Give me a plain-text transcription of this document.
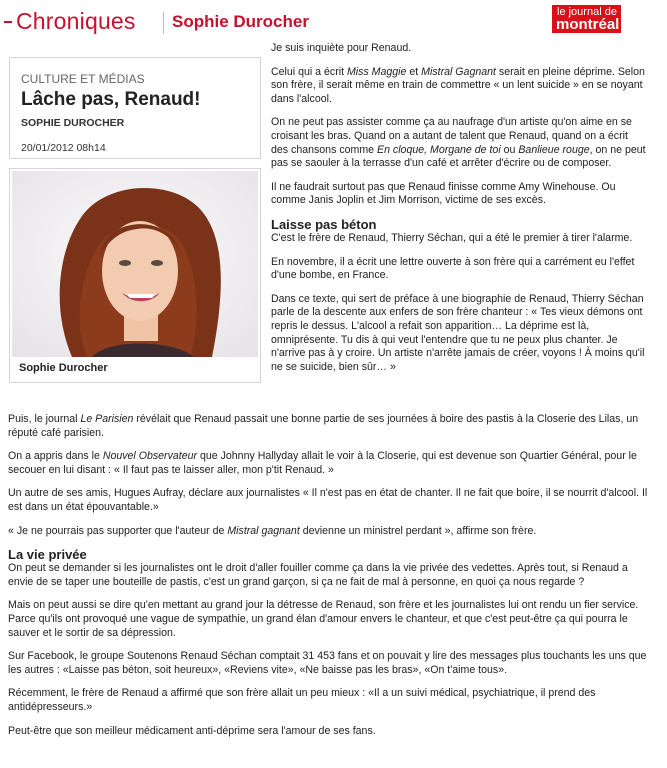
Chroniques Sophie Durocher	le journal de
montréal
CULTURE ET MÉDIAS
Lâche pas, Renaud!
SOPHIE DUROCHER
20/01/2012 08h14
Sophie Durocher

Je suis inquiète pour Renaud.

Celui qui a écrit Miss Maggie et Mistral Gagnant serait en pleine déprime. Selon son frère, il serait même en train de commettre « un lent suicide » en se noyant dans l'alcool.

On ne peut pas assister comme ça au naufrage d'un artiste qu'on aime en se croisant les bras. Quand on a autant de talent que Renaud, quand on a écrit des chansons comme En cloque, Morgane de toi ou Banlieue rouge, on ne peut pas se saouler à la terrasse d'un café et arrêter d'écrire ou de composer.

Il ne faudrait surtout pas que Renaud finisse comme Amy Winehouse. Ou comme Janis Joplin et Jim Morrison, victime de ses excès.

Laisse pas béton

C'est le frère de Renaud, Thierry Séchan, qui a été le premier à tirer l'alarme.

En novembre, il a écrit une lettre ouverte à son frère qui a carrément eu l'effet d'une bombe, en France.

Dans ce texte, qui sert de préface à une biographie de Renaud, Thierry Séchan parle de la descente aux enfers de son frère chanteur : « Tes vieux démons ont repris le dessus. L'alcool a refait son apparition… La déprime est là, omniprésente. Tu dis à qui veut l'entendre que tu ne peux plus chanter. Je n'arrive pas à y croire. Un artiste n'arrête jamais de créer, voyons ! À moins qu'il ne se suicide, bien sûr… »

Puis, le journal Le Parisien révélait que Renaud passait une bonne partie de ses journées à boire des pastis à la Closerie des Lilas, un réputé café parisien.

On a appris dans le Nouvel Observateur que Johnny Hallyday allait le voir à la Closerie, qui est devenue son Quartier Général, pour le secouer en lui disant : « Il faut pas te laisser aller, mon p'tit Renaud. »

Un autre de ses amis, Hugues Aufray, déclare aux journalistes « Il n'est pas en état de chanter. Il ne fait que boire, il se nourrit d'alcool. Il est dans un état épouvantable.»

« Je ne pourrais pas supporter que l'auteur de Mistral gagnant devienne un ministrel perdant », affirme son frère.

La vie privée

On peut se demander si les journalistes ont le droit d'aller fouiller comme ça dans la vie privée des vedettes. Après tout, si Renaud a envie de se taper une bouteille de pastis, c'est un grand garçon, si ça ne fait de mal à personne, en quoi ça nous regarde ?

Mais on peut aussi se dire qu'en mettant au grand jour la détresse de Renaud, son frère et les journalistes lui ont rendu un fier service. Parce qu'ils ont provoqué une vague de sympathie, un grand élan d'amour envers le chanteur, et que c'est peut-être ça qui pourra le sauver et le sortir de sa dépression.

Sur Facebook, le groupe Soutenons Renaud Séchan comptait 31 453 fans et on pouvait y lire des messages plus touchants les uns que les autres : «Laisse pas béton, soit heureux», «Reviens vite», «Ne baisse pas les bras», «On t'aime tous».

Récemment, le frère de Renaud a affirmé que son frère allait un peu mieux : «Il a un suivi médical, psychiatrique, il prend des antidépresseurs.»

Peut-être que son meilleur médicament anti-déprime sera l'amour de ses fans.
